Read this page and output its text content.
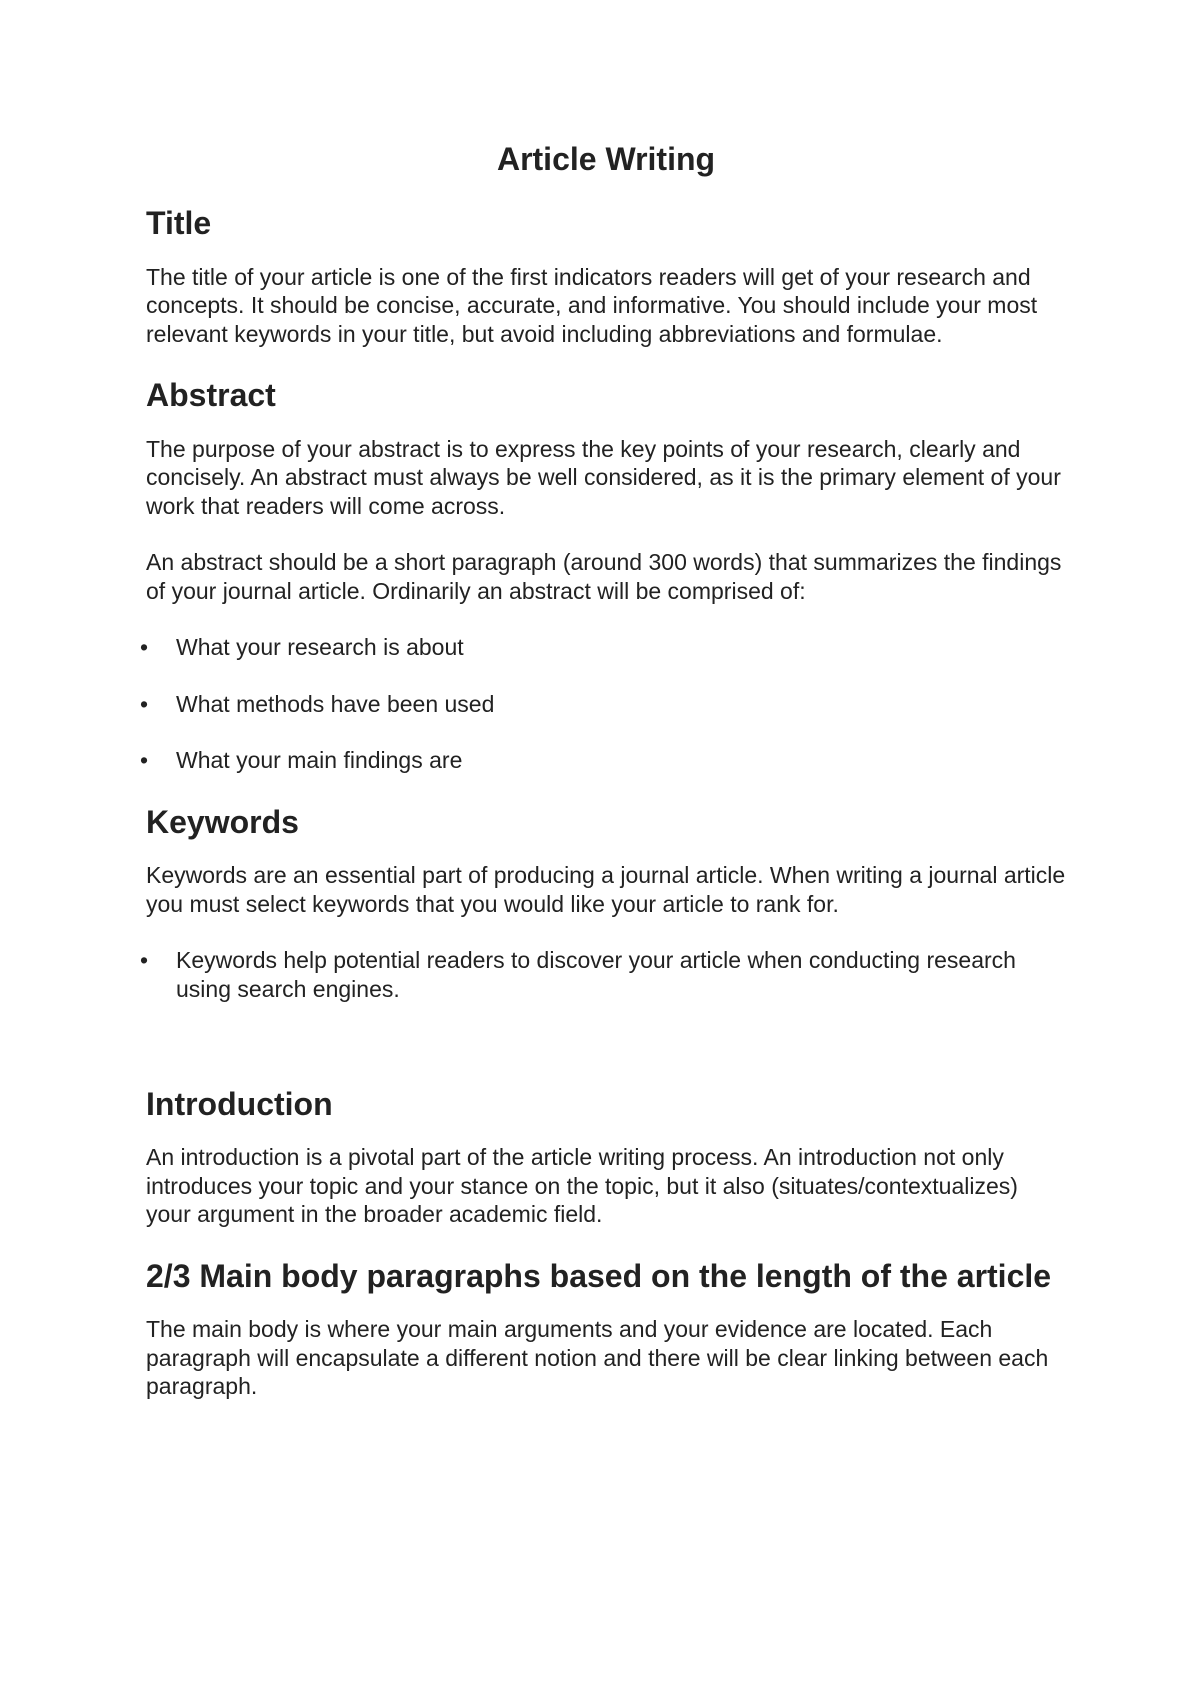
Article Writing
Title

The title of your article is one of the first indicators readers will get of your research and concepts. It should be concise, accurate, and informative. You should include your most relevant keywords in your title, but avoid including abbreviations and formulae.

Abstract

The purpose of your abstract is to express the key points of your research, clearly and concisely. An abstract must always be well considered, as it is the primary element of your work that readers will come across.

An abstract should be a short paragraph (around 300 words) that summarizes the findings of your journal article. Ordinarily an abstract will be comprised of:

• What your research is about
• What methods have been used
• What your main findings are
Keywords

Keywords are an essential part of producing a journal article. When writing a journal article you must select keywords that you would like your article to rank for.

• Keywords help potential readers to discover your article when conducting research using search engines.
Introduction

An introduction is a pivotal part of the article writing process. An introduction not only introduces your topic and your stance on the topic, but it also (situates/contextualizes) your argument in the broader academic field.

2/3 Main body paragraphs based on the length of the article

The main body is where your main arguments and your evidence are located. Each paragraph will encapsulate a different notion and there will be clear linking between each paragraph.
